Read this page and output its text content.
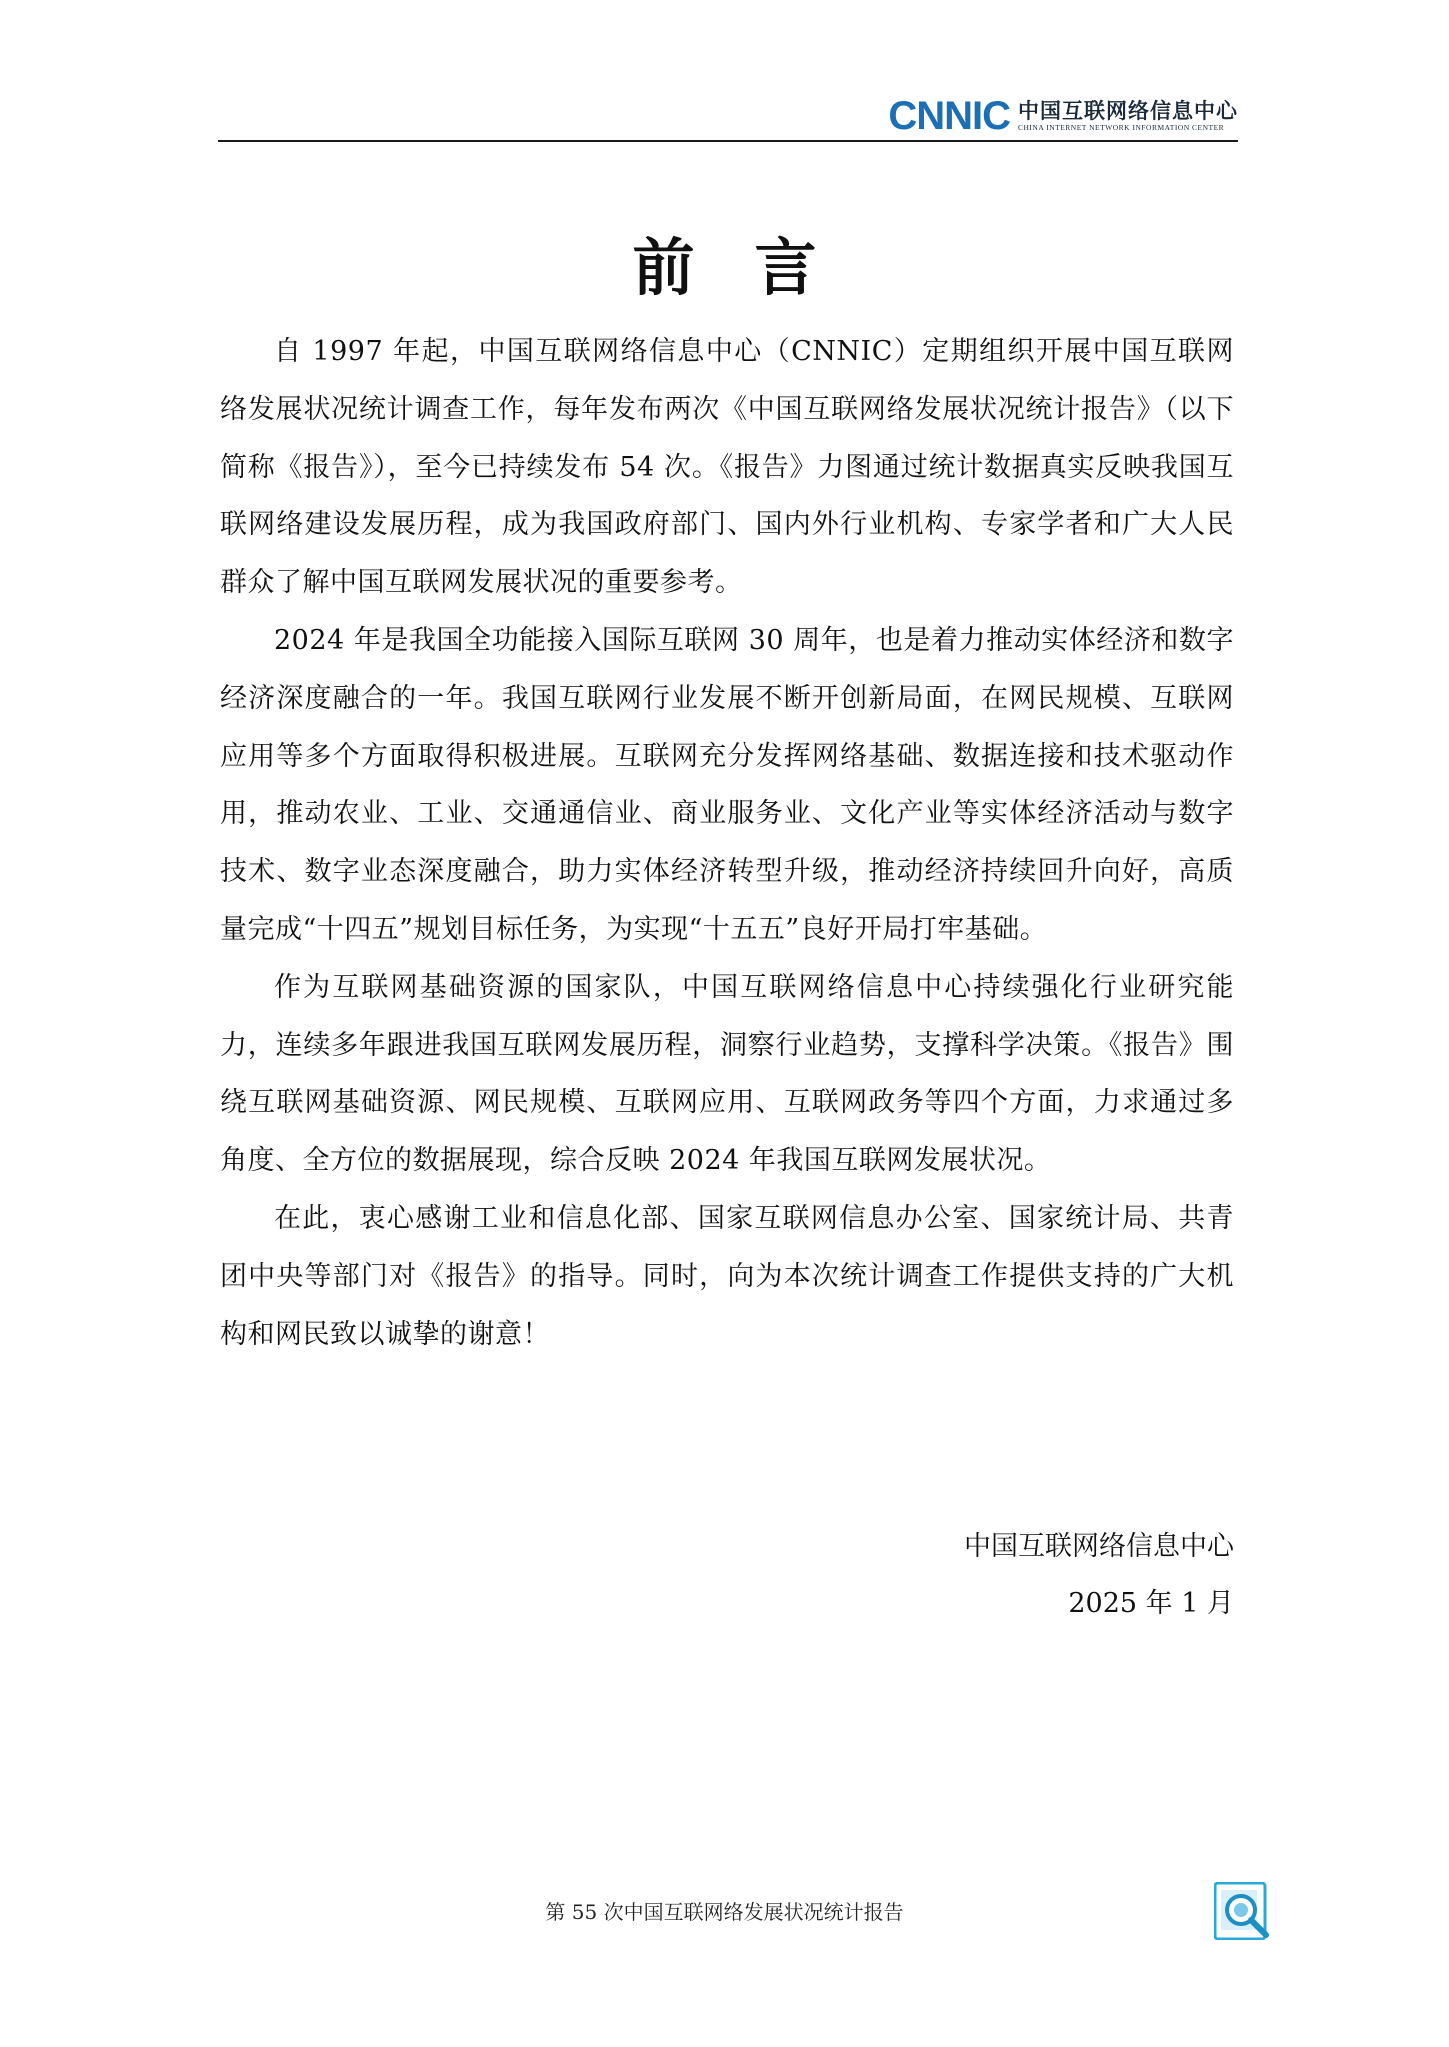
CNNIC 中国互联网络信息中心
CHINA INTERNET NETWORK INFORMATION CENTER
前言

自 1997 年起，中国互联网络信息中心（CNNIC）定期组织开展中国互联网络发展状况统计调查工作，每年发布两次《中国互联网络发展状况统计报告》（以下简称《报告》），至今已持续发布 54 次。《报告》力图通过统计数据真实反映我国互联网络建设发展历程，成为我国政府部门、国内外行业机构、专家学者和广大人民群众了解中国互联网发展状况的重要参考。

2024 年是我国全功能接入国际互联网 30 周年，也是着力推动实体经济和数字经济深度融合的一年。我国互联网行业发展不断开创新局面，在网民规模、互联网应用等多个方面取得积极进展。互联网充分发挥网络基础、数据连接和技术驱动作用，推动农业、工业、交通通信业、商业服务业、文化产业等实体经济活动与数字技术、数字业态深度融合，助力实体经济转型升级，推动经济持续回升向好，高质量完成“十四五”规划目标任务，为实现“十五五”良好开局打牢基础。

作为互联网基础资源的国家队，中国互联网络信息中心持续强化行业研究能力，连续多年跟进我国互联网发展历程，洞察行业趋势，支撑科学决策。《报告》围绕互联网基础资源、网民规模、互联网应用、互联网政务等四个方面，力求通过多角度、全方位的数据展现，综合反映 2024 年我国互联网发展状况。

在此，衷心感谢工业和信息化部、国家互联网信息办公室、国家统计局、共青团中央等部门对《报告》的指导。同时，向为本次统计调查工作提供支持的广大机构和网民致以诚挚的谢意！

中国互联网络信息中心
2025 年 1 月
第 55 次中国互联网络发展状况统计报告
